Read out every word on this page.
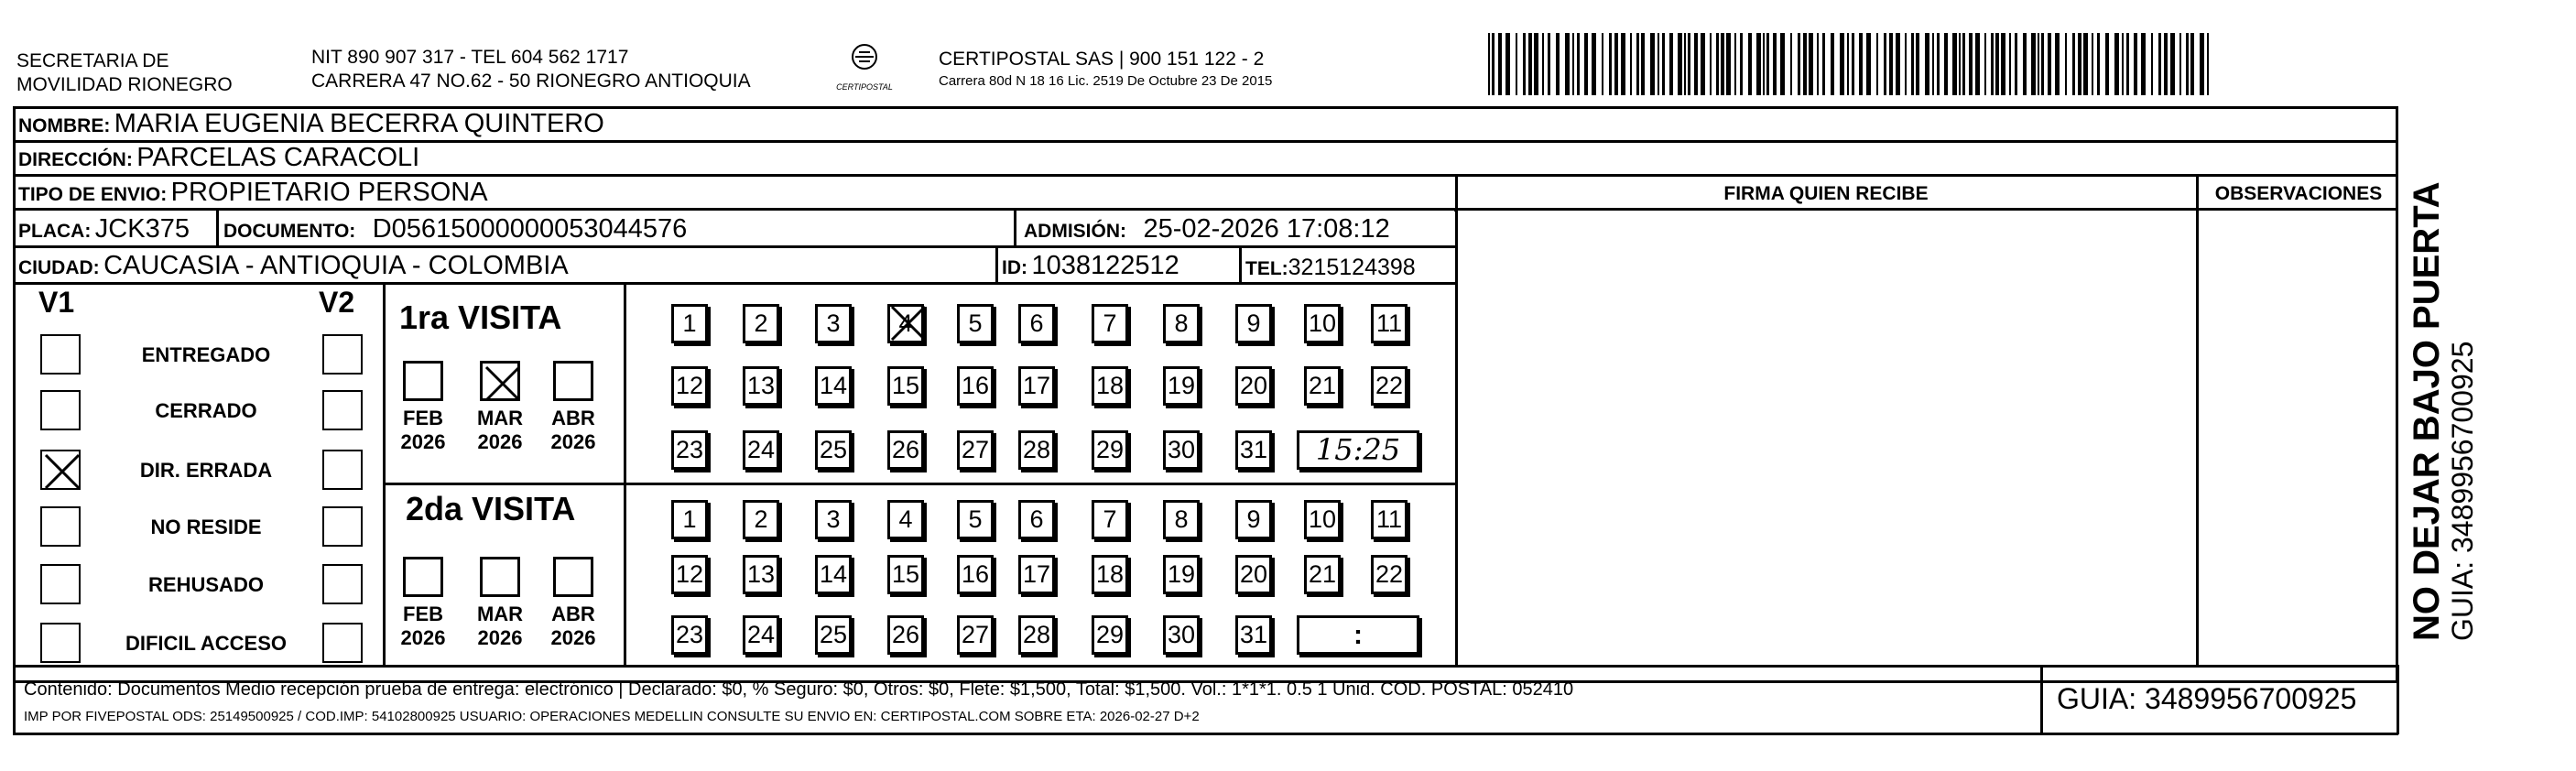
SECRETARIA DE
MOVILIDAD RIONEGRO
NIT 890 907 317 - TEL 604 562 1717
CARRERA 47 NO.62 - 50 RIONEGRO ANTIOQUIA	CERTIPOSTAL
CERTIPOSTAL SAS | 900 151 122 - 2
Carrera 80d N 18 16 Lic. 2519 De Octubre 23 De 2015
NOMBRE: MARIA EUGENIA BECERRA QUINTERO
DIRECCIÓN: PARCELAS CARACOLI
TIPO DE ENVIO: PROPIETARIO PERSONA	FIRMA QUIEN RECIBE	OBSERVACIONES
PLACA: JCK375 DOCUMENTO: D05615000000053044576	ADMISIÓN: 25-02-2026 17:08:12
CIUDAD: CAUCASIA - ANTIOQUIA - COLOMBIA	ID: 1038122512	TEL:3215124398
V1	V2
ENTREGADO
CERRADO
DIR. ERRADA
NO RESIDE
REHUSADO
DIFICIL ACCESO
1ra VISITA
FEB
2026
MAR
2026
ABR
2026
1	2	3	4	5	6	7	8	9	10 11
12 13 14 15 16 17 18 19 20 21 22
23 24 25 26 27 28 29 30 31	15:25
2da VISITA
FEB
2026
MAR
2026
ABR
2026
1	2	3	4	5	6	7	8	9	10 11
12 13 14 15 16 17 18 19 20 21 22
23 24 25 26 27 28 29 30 31	:
Contenido: Documentos Medio recepción prueba de entrega: electrónico | Declarado: $0, % Seguro: $0, Otros: $0, Flete: $1,500, Total: $1,500. Vol.: 1*1*1. 0.5 1 Unid. COD. POSTAL: 052410
IMP POR FIVEPOSTAL ODS: 25149500925 / COD.IMP: 54102800925 USUARIO: OPERACIONES MEDELLIN CONSULTE SU ENVIO EN: CERTIPOSTAL.COM SOBRE ETA: 2026-02-27 D+2
GUIA: 3489956700925
NO DEJAR BAJO PUERTA GUIA: 3489956700925
